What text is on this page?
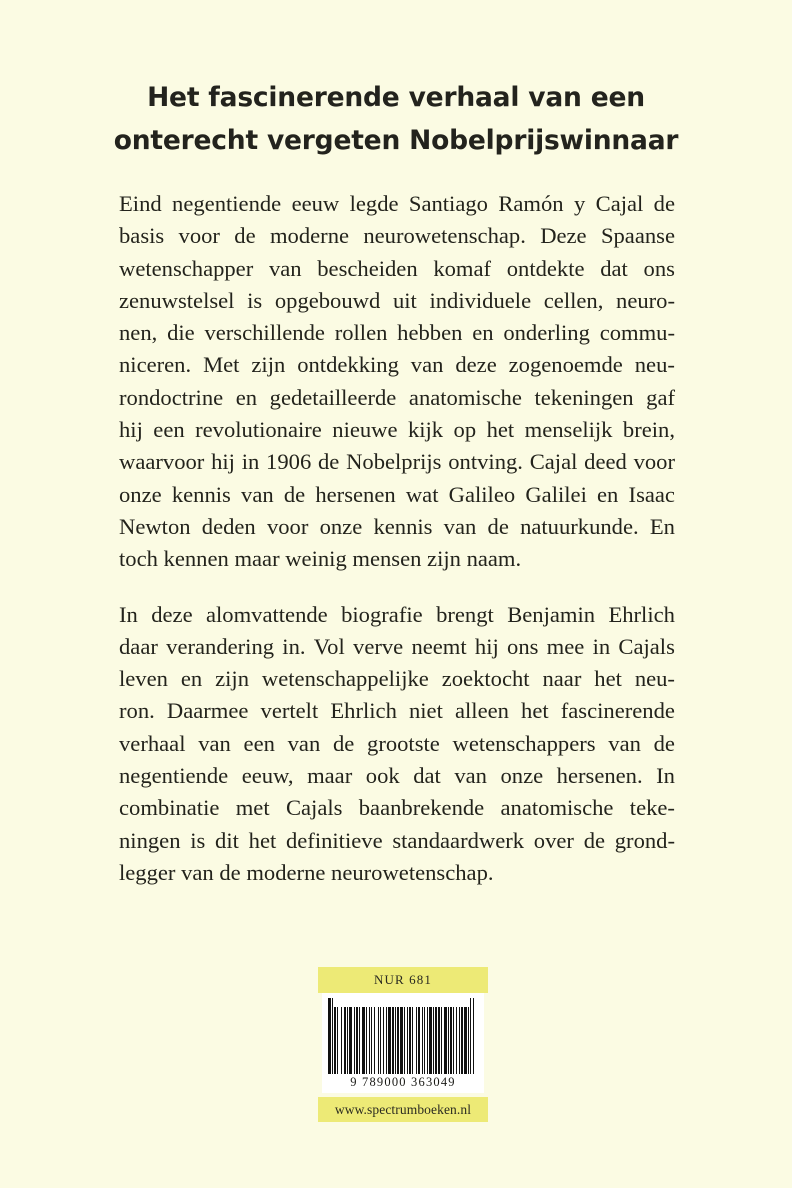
Het fascinerende verhaal van een
onterecht vergeten Nobelprijswinnaar

Eind negentiende eeuw legde Santiago Ramón y Cajal de
basis voor de moderne neurowetenschap. Deze Spaanse
wetenschapper van bescheiden komaf ontdekte dat ons
zenuwstelsel is opgebouwd uit individuele cellen, neuro-
nen, die verschillende rollen hebben en onderling commu-
niceren. Met zijn ontdekking van deze zogenoemde neu-
rondoctrine en gedetailleerde anatomische tekeningen gaf
hij een revolutionaire nieuwe kijk op het menselijk brein,
waarvoor hij in 1906 de Nobelprijs ontving. Cajal deed voor
onze kennis van de hersenen wat Galileo Galilei en Isaac
Newton deden voor onze kennis van de natuurkunde. En
toch kennen maar weinig mensen zijn naam.

In deze alomvattende biografie brengt Benjamin Ehrlich
daar verandering in. Vol verve neemt hij ons mee in Cajals
leven en zijn wetenschappelijke zoektocht naar het neu-
ron. Daarmee vertelt Ehrlich niet alleen het fascinerende
verhaal van een van de grootste wetenschappers van de
negentiende eeuw, maar ook dat van onze hersenen. In
combinatie met Cajals baanbrekende anatomische teke-
ningen is dit het definitieve standaardwerk over de grond-
legger van de moderne neurowetenschap.

NUR 681
9 789000 363049
www.spectrumboeken.nl
